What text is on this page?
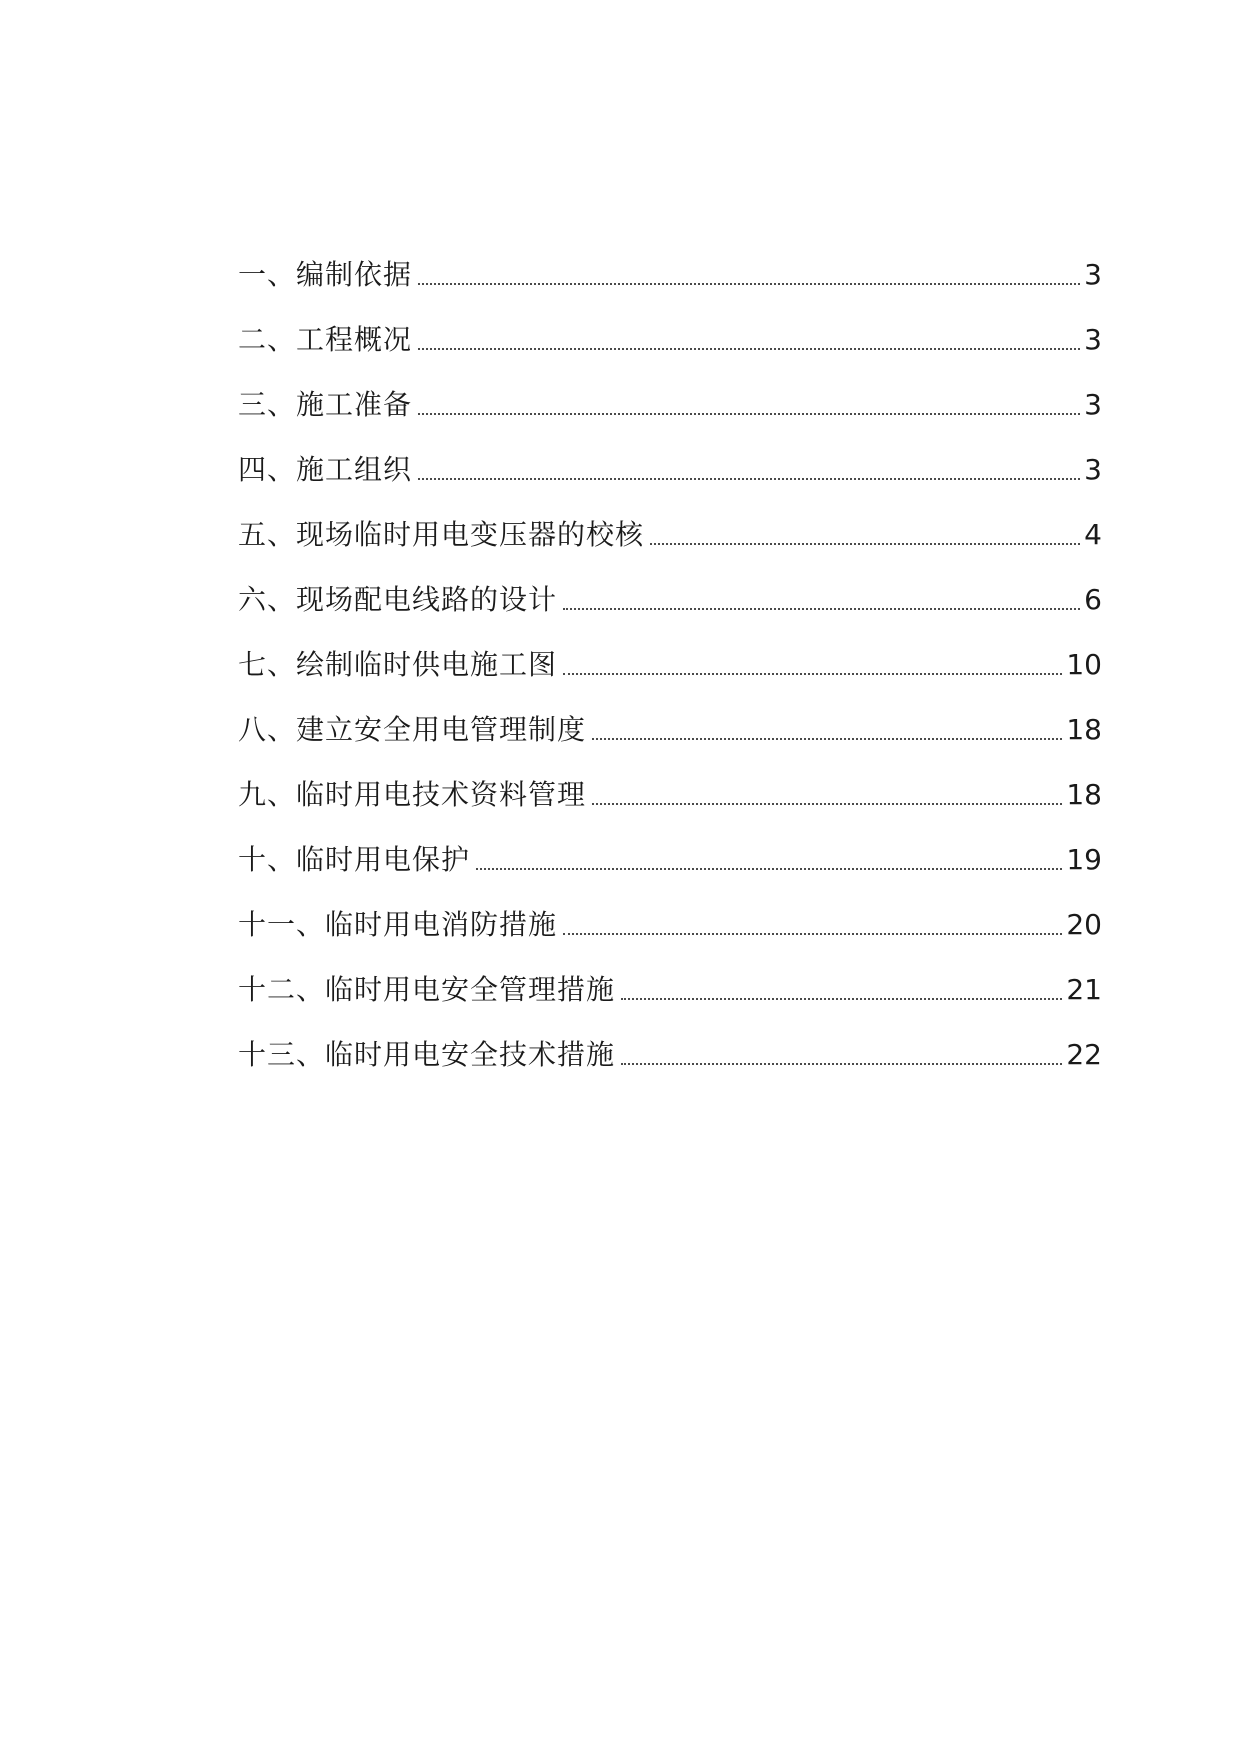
一、编制依据	3
二、工程概况	3
三、施工准备	3
四、施工组织	3
五、现场临时用电变压器的校核	4
六、现场配电线路的设计	6
七、绘制临时供电施工图	10
八、建立安全用电管理制度	18
九、临时用电技术资料管理	18
十、临时用电保护	19
十一、临时用电消防措施	20
十二、临时用电安全管理措施	21
十三、临时用电安全技术措施	22
